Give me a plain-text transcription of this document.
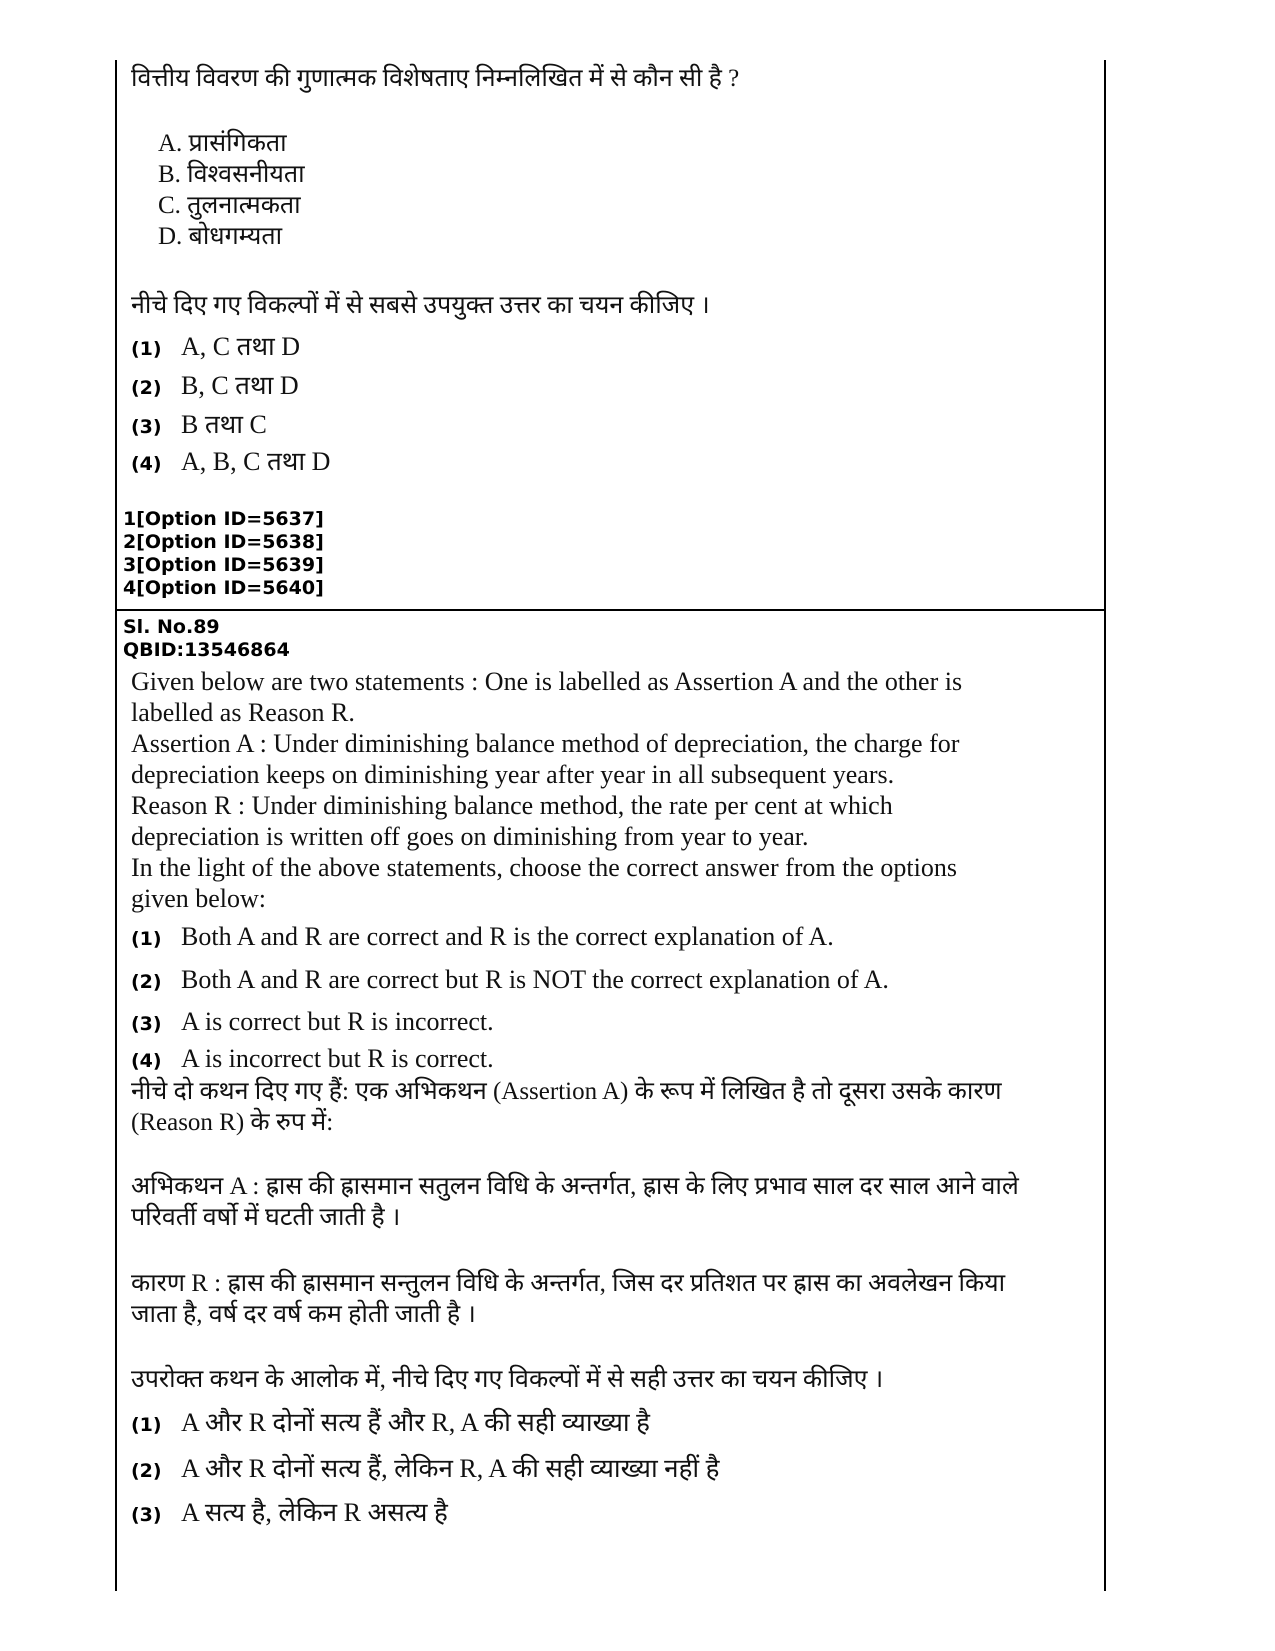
वित्तीय विवरण की गुणात्मक विशेषताए निम्नलिखित में से कौन सी है ?
A. प्रासंगिकता
B. विश्वसनीयता
C. तुलनात्मकता
D. बोधगम्यता
नीचे दिए गए विकल्पों में से सबसे उपयुक्त उत्तर का चयन कीजिए ।
(1) A, C तथा D
(2) B, C तथा D
(3) B तथा C
(4) A, B, C तथा D
1[Option ID=5637]
2[Option ID=5638]
3[Option ID=5639]
4[Option ID=5640]
Sl. No.89
QBID:13546864
Given below are two statements : One is labelled as Assertion A and the other is
labelled as Reason R.
Assertion A : Under diminishing balance method of depreciation, the charge for
depreciation keeps on diminishing year after year in all subsequent years.
Reason R : Under diminishing balance method, the rate per cent at which
depreciation is written off goes on diminishing from year to year.
In the light of the above statements, choose the correct answer from the options
given below:
(1) Both A and R are correct and R is the correct explanation of A.
(2) Both A and R are correct but R is NOT the correct explanation of A.
(3) A is correct but R is incorrect.
(4) A is incorrect but R is correct.
नीचे दो कथन दिए गए हैं: एक अभिकथन (Assertion A) के रूप में लिखित है तो दूसरा उसके कारण
(Reason R) के रुप में:
अभिकथन A : ह्रास की ह्रासमान सतुलन विधि के अन्तर्गत, ह्रास के लिए प्रभाव साल दर साल आने वाले
परिवर्ती वर्षो में घटती जाती है ।
कारण R : ह्रास की ह्रासमान सन्तुलन विधि के अन्तर्गत, जिस दर प्रतिशत पर ह्रास का अवलेखन किया
जाता है, वर्ष दर वर्ष कम होती जाती है ।
उपरोक्त कथन के आलोक में, नीचे दिए गए विकल्पों में से सही उत्तर का चयन कीजिए ।
(1) A और R दोनों सत्य हैं और R, A की सही व्याख्या है
(2) A और R दोनों सत्य हैं, लेकिन R, A की सही व्याख्या नहीं है
(3) A सत्य है, लेकिन R असत्य है
